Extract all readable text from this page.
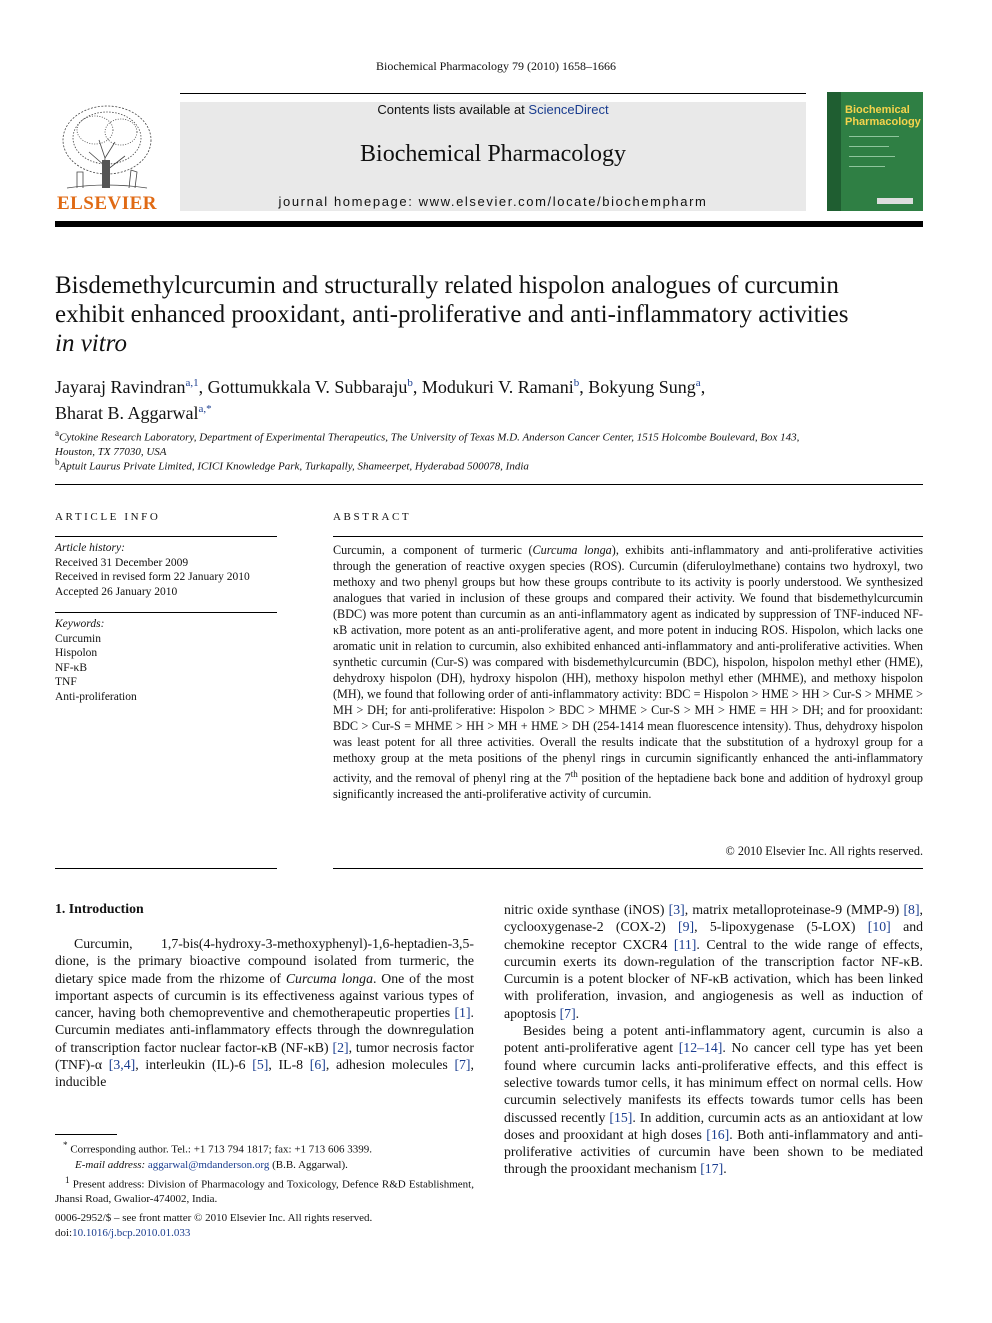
Biochemical Pharmacology 79 (2010) 1658–1666
ELSEVIER
Contents lists available at ScienceDirect
Biochemical Pharmacology
journal homepage: www.elsevier.com/locate/biochempharm
Biochemical
Pharmacology
Bisdemethylcurcumin and structurally related hispolon analogues of curcumin
exhibit enhanced prooxidant, anti-proliferative and anti-inflammatory activities
in vitro
Jayaraj Ravindran$^{a,1}$, Gottumukkala V. Subbaraju$^b$, Modukuri V. Ramani$^b$, Bokyung Sung$^a$,
Bharat B. Aggarwal$^{a,*}$
$^a$Cytokine Research Laboratory, Department of Experimental Therapeutics, The University of Texas M.D. Anderson Cancer Center, 1515 Holcombe Boulevard, Box 143,
Houston, TX 77030, USA
$^b$Aptuit Laurus Private Limited, ICICI Knowledge Park, Turkapally, Shameerpet, Hyderabad 500078, India
ARTICLE INFO
Article history:
Received 31 December 2009
Received in revised form 22 January 2010
Accepted 26 January 2010
Keywords:
Curcumin
Hispolon
NF-κB
TNF
Anti-proliferation
ABSTRACT
Curcumin, a component of turmeric (Curcuma longa), exhibits anti-inflammatory and anti-proliferative activities through the generation of reactive oxygen species (ROS). Curcumin (diferuloylmethane) contains two hydroxyl, two methoxy and two phenyl groups but how these groups contribute to its activity is poorly understood. We synthesized analogues that varied in inclusion of these groups and compared their activity. We found that bisdemethylcurcumin (BDC) was more potent than curcumin as an anti-inflammatory agent as indicated by suppression of TNF-induced NF-κB activation, more potent as an anti-proliferative agent, and more potent in inducing ROS. Hispolon, which lacks one aromatic unit in relation to curcumin, also exhibited enhanced anti-inflammatory and anti-proliferative activities. When synthetic curcumin (Cur-S) was compared with bisdemethylcurcumin (BDC), hispolon, hispolon methyl ether (HME), dehydroxy hispolon (DH), hydroxy hispolon (HH), methoxy hispolon methyl ether (MHME), and methoxy hispolon (MH), we found that following order of anti-inflammatory activity: BDC = Hispolon > HME > HH > Cur-S > MHME > MH > DH; for anti-proliferative: Hispolon > BDC > MHME > Cur-S > MH > HME = HH > DH; and for prooxidant: BDC > Cur-S = MHME > HH > MH + HME > DH (254-1414 mean fluorescence intensity). Thus, dehydroxy hispolon was least potent for all three activities. Overall the results indicate that the substitution of a hydroxyl group for a methoxy group at the meta positions of the phenyl rings in curcumin significantly enhanced the anti-inflammatory activity, and the removal of phenyl ring at the 7th position of the heptadiene back bone and addition of hydroxyl group significantly increased the anti-proliferative activity of curcumin.
© 2010 Elsevier Inc. All rights reserved.
1. Introduction

Curcumin, 1,7-bis(4-hydroxy-3-methoxyphenyl)-1,6-heptadien-3,5-dione, is the primary bioactive compound isolated from turmeric, the dietary spice made from the rhizome of Curcuma longa. One of the most important aspects of curcumin is its effectiveness against various types of cancer, having both chemopreventive and chemotherapeutic properties [1]. Curcumin mediates anti-inflammatory effects through the downregulation of transcription factor nuclear factor-κB (NF-κB) [2], tumor necrosis factor (TNF)-α [3,4], interleukin (IL)-6 [5], IL-8 [6], adhesion molecules [7], inducible

nitric oxide synthase (iNOS) [3], matrix metalloproteinase-9 (MMP-9) [8], cyclooxygenase-2 (COX-2) [9], 5-lipoxygenase (5-LOX) [10] and chemokine receptor CXCR4 [11]. Central to the wide range of effects, curcumin exerts its down-regulation of the transcription factor NF-κB. Curcumin is a potent blocker of NF-κB activation, which has been linked with proliferation, invasion, and angiogenesis as well as induction of apoptosis [7].

Besides being a potent anti-inflammatory agent, curcumin is also a potent anti-proliferative agent [12–14]. No cancer cell type has yet been found where curcumin lacks anti-proliferative effects, and this effect is selective towards tumor cells, it has minimum effect on normal cells. How curcumin selectively manifests its effects towards tumor cells has been discussed recently [15]. In addition, curcumin acts as an antioxidant at low doses and prooxidant at high doses [16]. Both anti-inflammatory and anti-proliferative activities of curcumin have been shown to be mediated through the prooxidant mechanism [17].

* Corresponding author. Tel.: +1 713 794 1817; fax: +1 713 606 3399.
E-mail address: aggarwal@mdanderson.org (B.B. Aggarwal).
$^1$ Present address: Division of Pharmacology and Toxicology, Defence R&D Establishment, Jhansi Road, Gwalior-474002, India.
0006-2952/$ – see front matter © 2010 Elsevier Inc. All rights reserved.
doi:10.1016/j.bcp.2010.01.033
